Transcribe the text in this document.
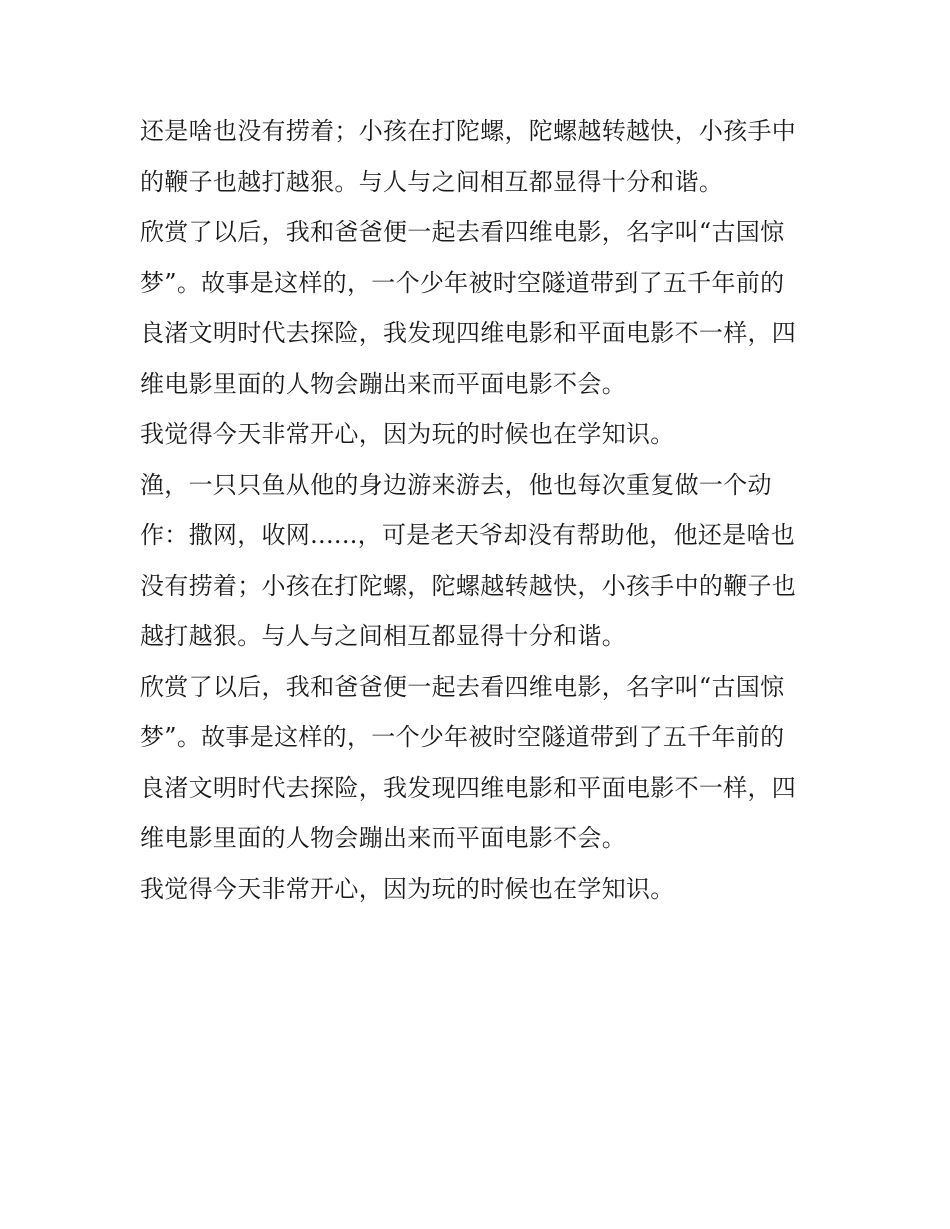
还是啥也没有捞着；小孩在打陀螺，陀螺越转越快，小孩手中
的鞭子也越打越狠。与人与之间相互都显得十分和谐。
欣赏了以后，我和爸爸便一起去看四维电影，名字叫“古国惊
梦”。故事是这样的，一个少年被时空隧道带到了五千年前的
良渚文明时代去探险，我发现四维电影和平面电影不一样，四
维电影里面的人物会蹦出来而平面电影不会。
我觉得今天非常开心，因为玩的时候也在学知识。
渔，一只只鱼从他的身边游来游去，他也每次重复做一个动
作：撒网，收网......，可是老天爷却没有帮助他，他还是啥也
没有捞着；小孩在打陀螺，陀螺越转越快，小孩手中的鞭子也
越打越狠。与人与之间相互都显得十分和谐。
欣赏了以后，我和爸爸便一起去看四维电影，名字叫“古国惊
梦”。故事是这样的，一个少年被时空隧道带到了五千年前的
良渚文明时代去探险，我发现四维电影和平面电影不一样，四
维电影里面的人物会蹦出来而平面电影不会。
我觉得今天非常开心，因为玩的时候也在学知识。
